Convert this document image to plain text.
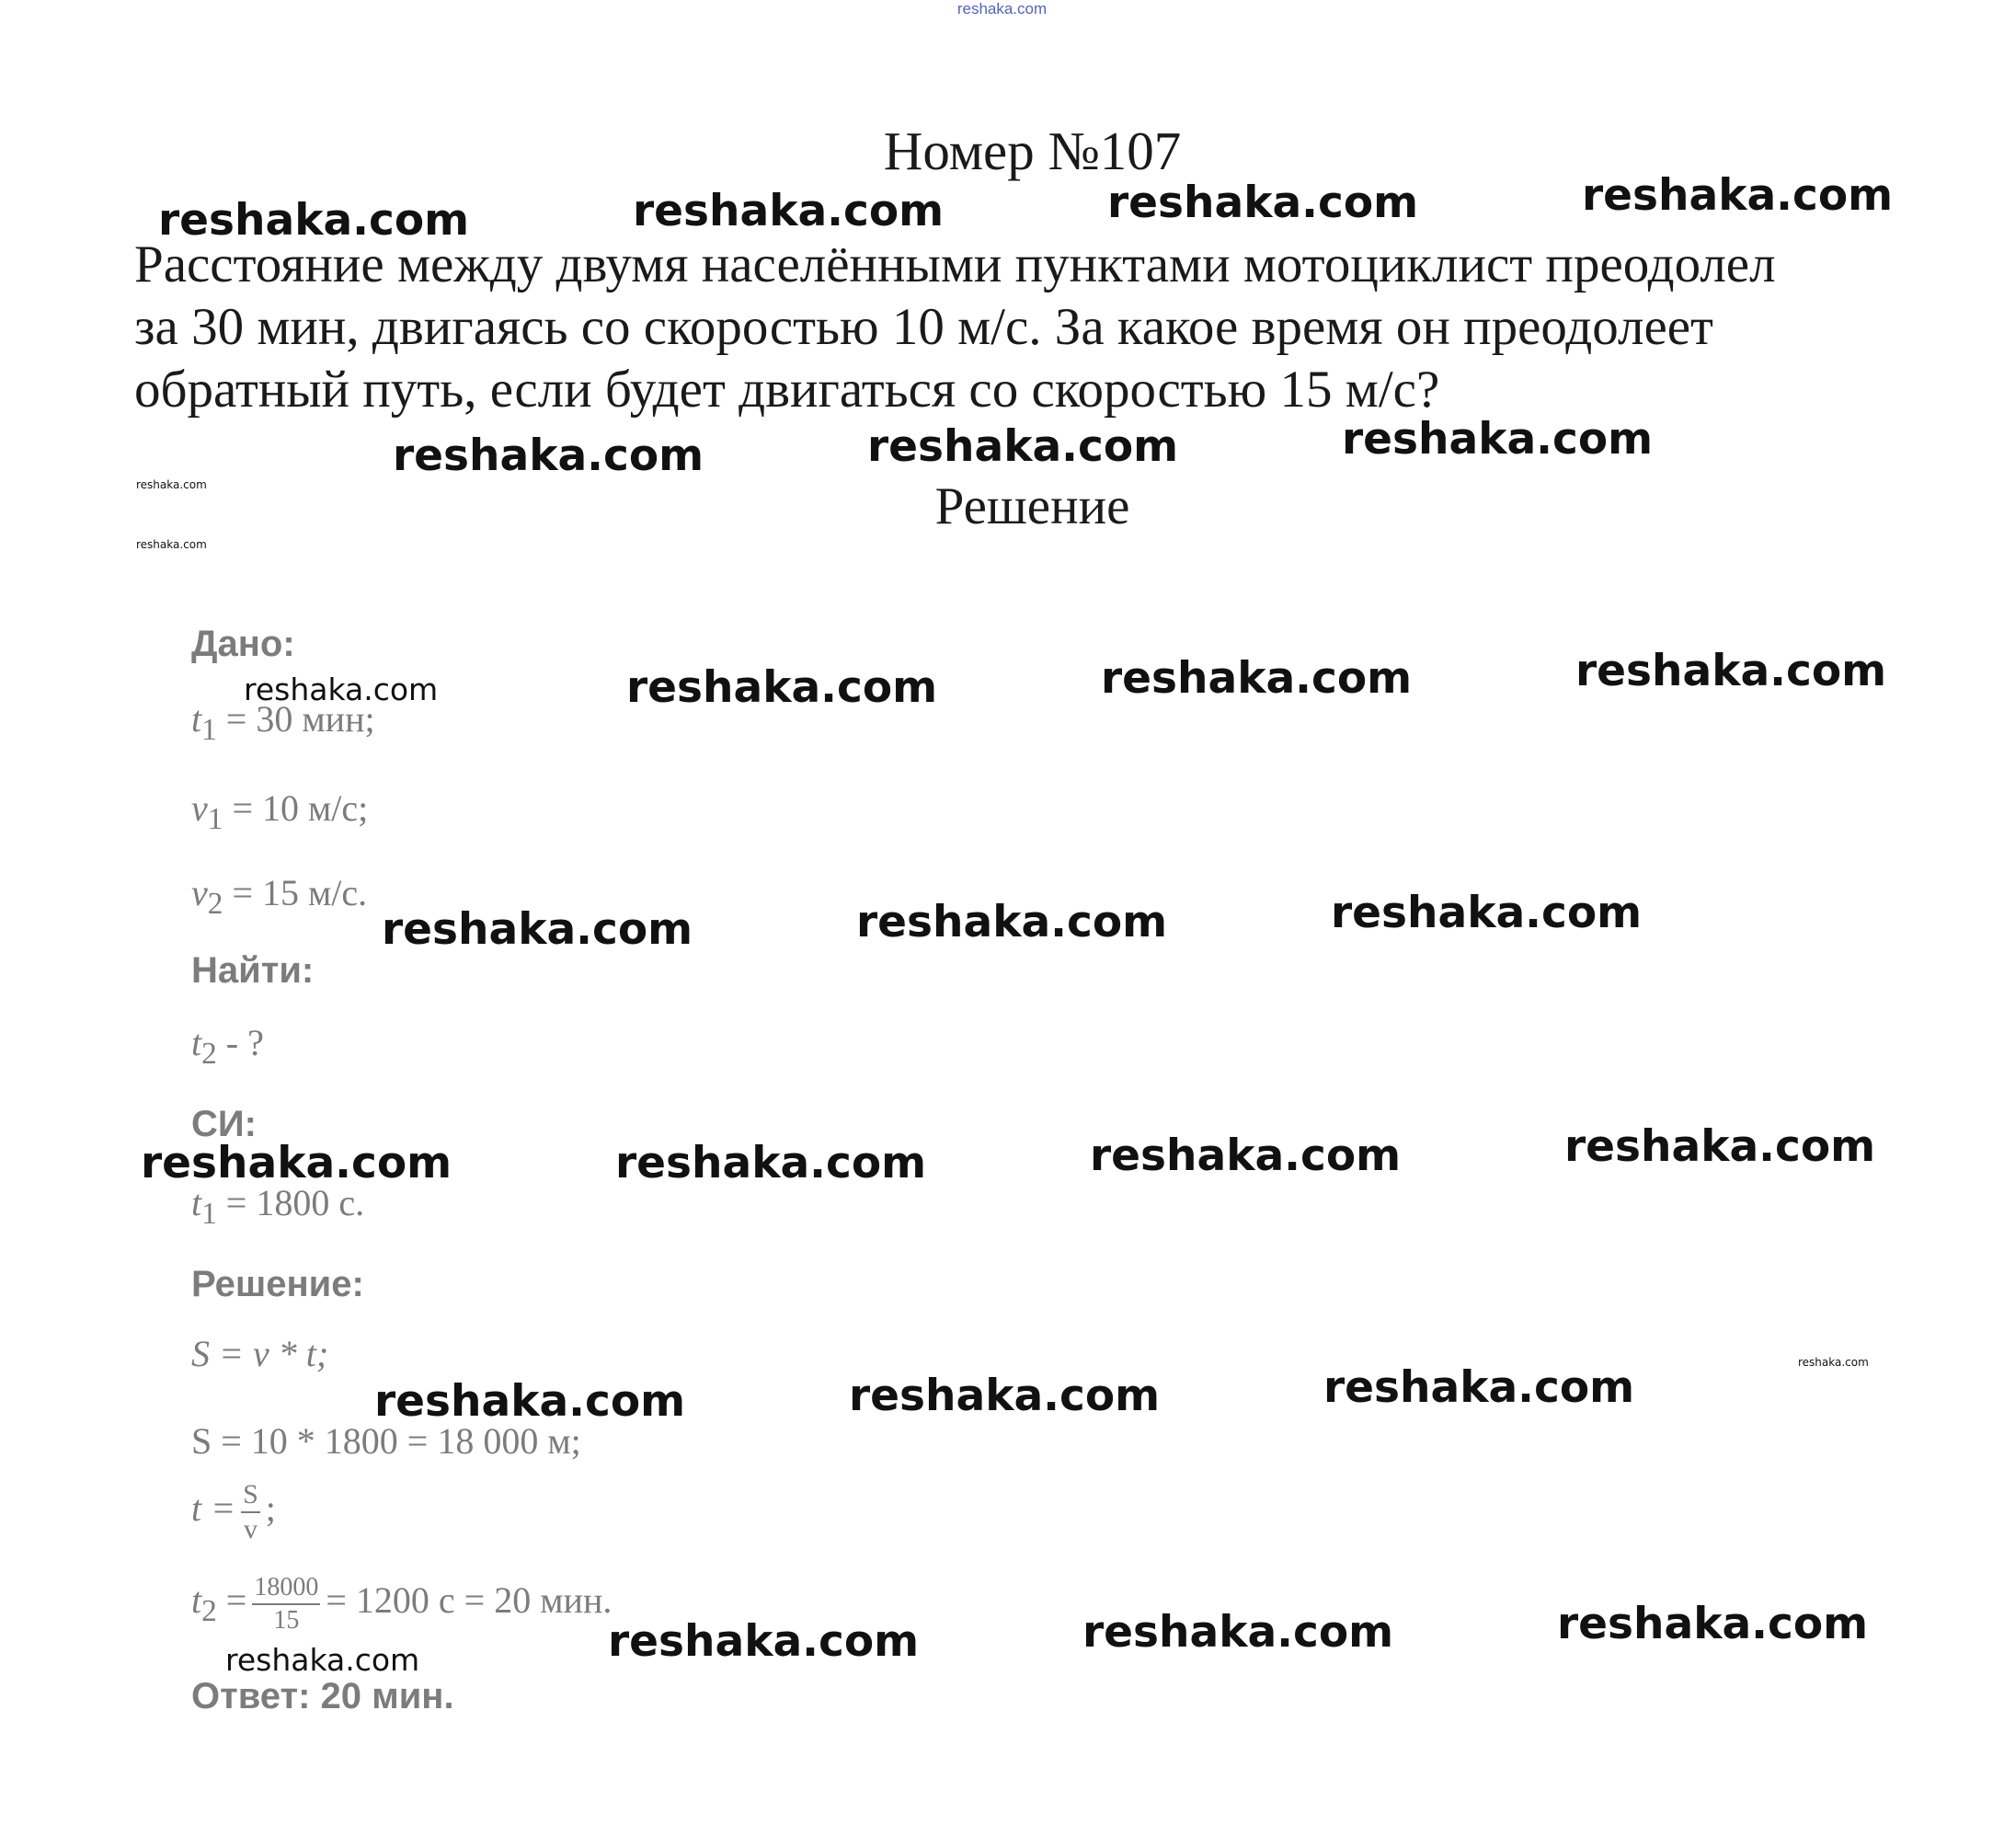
reshaka.com
Номер №107
Расстояние между двумя населёнными пунктами мотоциклист преодолел
за 30 мин, двигаясь со скоростью 10 м/с. За какое время он преодолеет
обратный путь, если будет двигаться со скоростью 15 м/с?
Решение
Дано:
$t_1 = 30$ мин;
$v_1 = 10$ м/с;
$v_2 = 15$ м/с.
Найти:
$t_2$ - ?
СИ:
$t_1 = 1800$ с.
Решение:
S = v * t;
S = 10 * 1800 = 18 000 м;
$t = \frac{S}{v}$ ;
$t_2 = \frac{18000}{15} = 1200$ с = 20 мин.
Ответ: 20 мин.
reshaka.com	reshaka.com	reshaka.com	reshaka.com
reshaka.com	reshaka.com	reshaka.com
reshaka.com
reshaka.com
reshaka.com	reshaka.com	reshaka.com	reshaka.com
reshaka.com	reshaka.com	reshaka.com
reshaka.com	reshaka.com	reshaka.com	reshaka.com
reshaka.com
reshaka.com	reshaka.com	reshaka.com
reshaka.com	reshaka.com	reshaka.com	reshaka.com
